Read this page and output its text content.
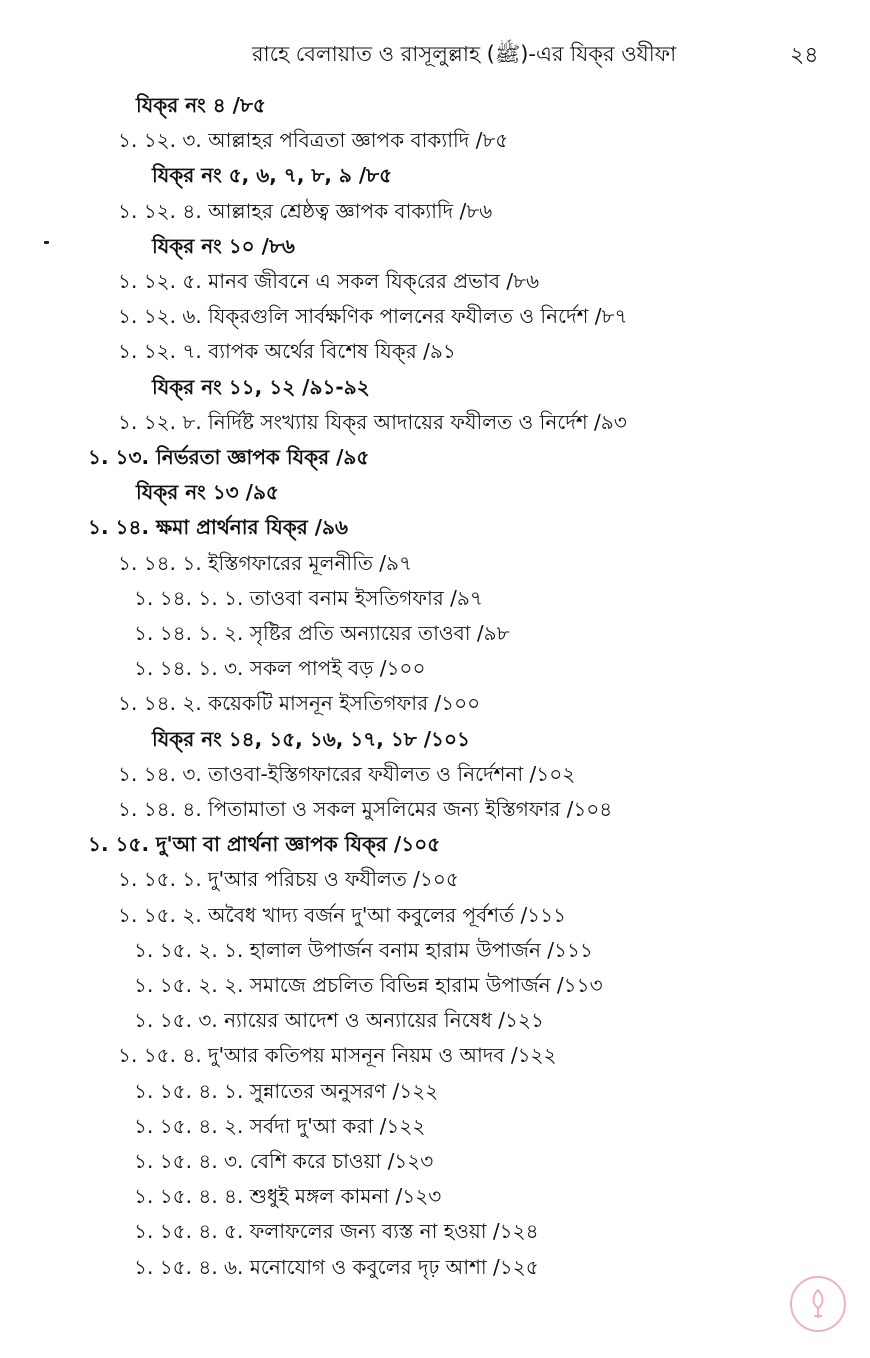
রাহে বেলায়াত ও রাসূলুল্লাহ (ﷺ)-এর যিক্‌র ওযীফা	২৪
যিক্‌র নং ৪ /৮৫
১. ১২. ৩. আল্লাহর পবিত্রতা জ্ঞাপক বাক্যাদি /৮৫
যিক্‌র নং ৫, ৬, ৭, ৮, ৯ /৮৫
১. ১২. ৪. আল্লাহর শ্রেষ্ঠত্ব জ্ঞাপক বাক্যাদি /৮৬
যিক্‌র নং ১০ /৮৬
১. ১২. ৫. মানব জীবনে এ সকল যিক্‌রের প্রভাব /৮৬
১. ১২. ৬. যিক্‌রগুলি সার্বক্ষণিক পালনের ফযীলত ও নির্দেশ /৮৭
১. ১২. ৭. ব্যাপক অর্থের বিশেষ যিক্‌র /৯১
যিক্‌র নং ১১, ১২ /৯১-৯২
১. ১২. ৮. নির্দিষ্ট সংখ্যায় যিক্‌র আদায়ের ফযীলত ও নির্দেশ /৯৩
১. ১৩. নির্ভরতা জ্ঞাপক যিক্‌র /৯৫
যিক্‌র নং ১৩ /৯৫
১. ১৪. ক্ষমা প্রার্থনার যিক্‌র /৯৬
১. ১৪. ১. ইস্তিগফারের মূলনীতি /৯৭
১. ১৪. ১. ১. তাওবা বনাম ইসতিগফার /৯৭
১. ১৪. ১. ২. সৃষ্টির প্রতি অন্যায়ের তাওবা /৯৮
১. ১৪. ১. ৩. সকল পাপই বড় /১০০
১. ১৪. ২. কয়েকটি মাসনূন ইসতিগফার /১০০
যিক্‌র নং ১৪, ১৫, ১৬, ১৭, ১৮ /১০১
১. ১৪. ৩. তাওবা-ইস্তিগফারের ফযীলত ও নির্দেশনা /১০২
১. ১৪. ৪. পিতামাতা ও সকল মুসলিমের জন্য ইস্তিগফার /১০৪
১. ১৫. দু'আ বা প্রার্থনা জ্ঞাপক যিক্‌র /১০৫
১. ১৫. ১. দু'আর পরিচয় ও ফযীলত /১০৫
১. ১৫. ২. অবৈধ খাদ্য বর্জন দু'আ কবুলের পূর্বশর্ত /১১১
১. ১৫. ২. ১. হালাল উপার্জন বনাম হারাম উপার্জন /১১১
১. ১৫. ২. ২. সমাজে প্রচলিত বিভিন্ন হারাম উপার্জন /১১৩
১. ১৫. ৩. ন্যায়ের আদেশ ও অন্যায়ের নিষেধ /১২১
১. ১৫. ৪. দু'আর কতিপয় মাসনূন নিয়ম ও আদব /১২২
১. ১৫. ৪. ১. সুন্নাতের অনুসরণ /১২২
১. ১৫. ৪. ২. সর্বদা দু'আ করা /১২২
১. ১৫. ৪. ৩. বেশি করে চাওয়া /১২৩
১. ১৫. ৪. ৪. শুধুই মঙ্গল কামনা /১২৩
১. ১৫. ৪. ৫. ফলাফলের জন্য ব্যস্ত না হওয়া /১২৪
১. ১৫. ৪. ৬. মনোযোগ ও কবুলের দৃঢ় আশা /১২৫
